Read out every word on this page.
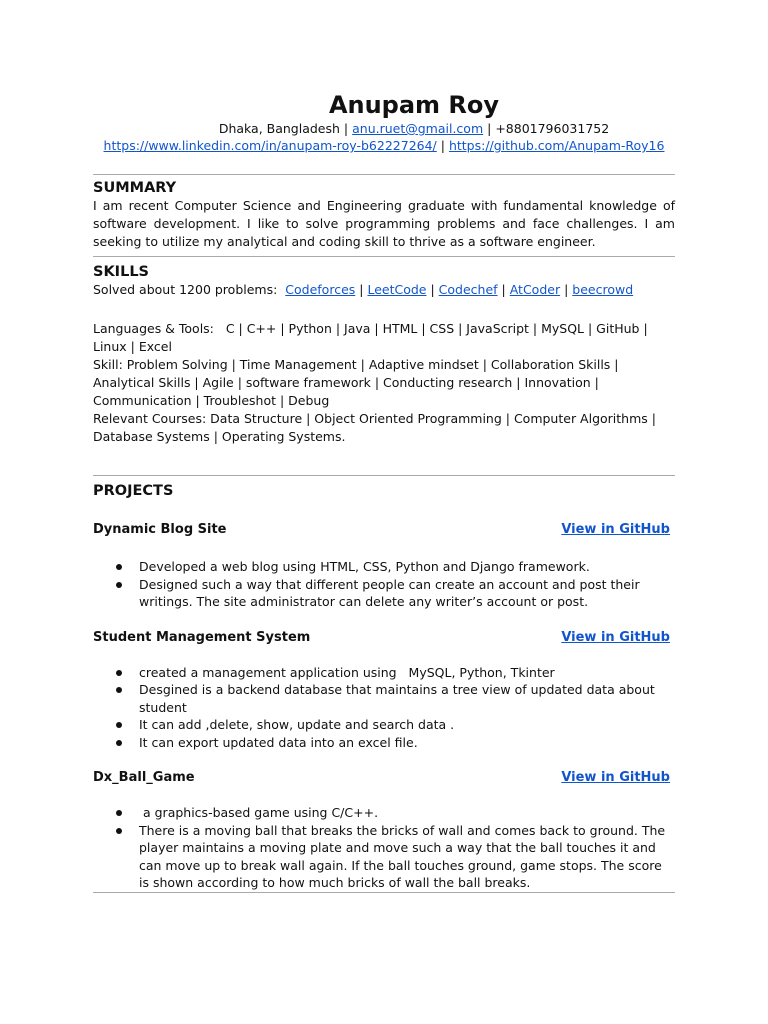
Anupam Roy
Dhaka, Bangladesh | anu.ruet@gmail.com | +8801796031752
https://www.linkedin.com/in/anupam-roy-b62227264/ | https://github.com/Anupam-Roy16
SUMMARY
I am recent Computer Science and Engineering graduate with fundamental knowledge of software development. I like to solve programming problems and face challenges. I am seeking to utilize my analytical and coding skill to thrive as a software engineer.
SKILLS
Solved about 1200 problems: Codeforces | LeetCode | Codechef | AtCoder | beecrowd
Languages & Tools:   C | C++ | Python | Java | HTML | CSS | JavaScript | MySQL | GitHub | Linux | Excel
Skill: Problem Solving | Time Management | Adaptive mindset | Collaboration Skills | Analytical Skills | Agile | software framework | Conducting research | Innovation | Communication | Troubleshot | Debug
Relevant Courses: Data Structure | Object Oriented Programming | Computer Algorithms | Database Systems | Operating Systems.
PROJECTS
Dynamic Blog Site	View in GitHub
Developed a web blog using HTML, CSS, Python and Django framework.
Designed such a way that different people can create an account and post their writings. The site administrator can delete any writer’s account or post.
Student Management System	View in GitHub
created a management application using   MySQL, Python, Tkinter
Desgined is a backend database that maintains a tree view of updated data about student
It can add ,delete, show, update and search data .
It can export updated data into an excel file.
Dx_Ball_Game	View in GitHub
a graphics-based game using C/C++.
There is a moving ball that breaks the bricks of wall and comes back to ground. The player maintains a moving plate and move such a way that the ball touches it and can move up to break wall again. If the ball touches ground, game stops. The score is shown according to how much bricks of wall the ball breaks.
